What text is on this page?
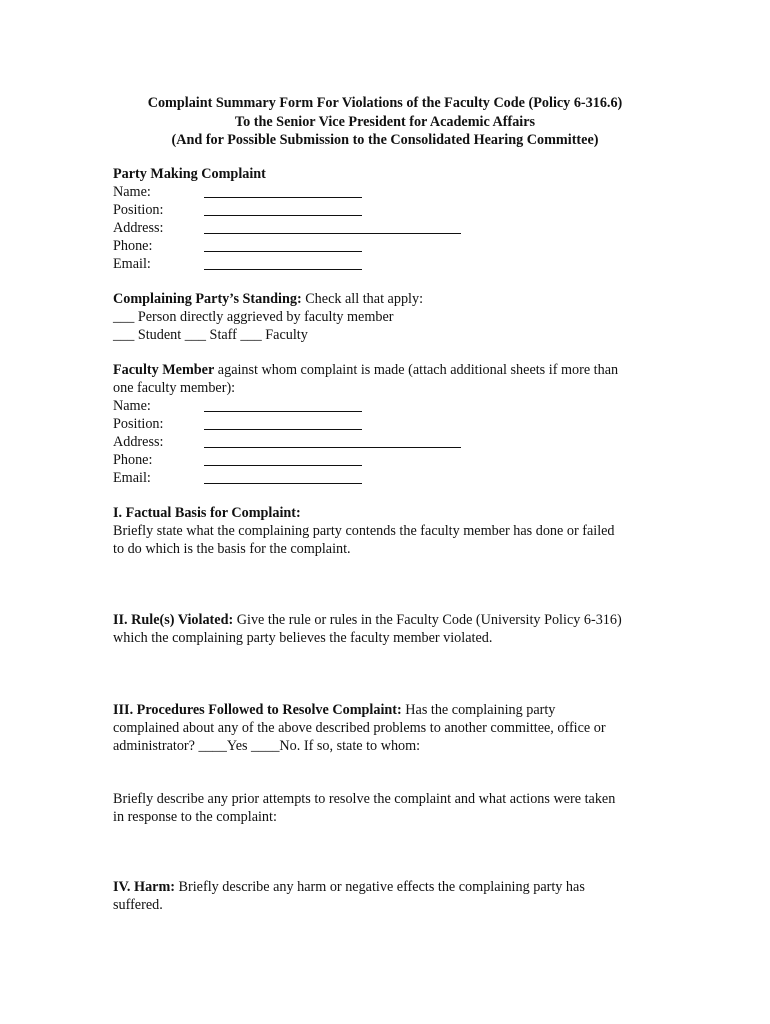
Complaint Summary Form For Violations of the Faculty Code (Policy 6-316.6)
To the Senior Vice President for Academic Affairs
(And for Possible Submission to the Consolidated Hearing Committee)
Party Making Complaint
Name:
Position:
Address:
Phone:
Email:
Complaining Party’s Standing: Check all that apply:
___ Person directly aggrieved by faculty member
___ Student ___ Staff ___ Faculty
Faculty Member against whom complaint is made (attach additional sheets if more than
one faculty member):
Name:
Position:
Address:
Phone:
Email:
I. Factual Basis for Complaint:
Briefly state what the complaining party contends the faculty member has done or failed
to do which is the basis for the complaint.
II. Rule(s) Violated: Give the rule or rules in the Faculty Code (University Policy 6-316)
which the complaining party believes the faculty member violated.
III. Procedures Followed to Resolve Complaint: Has the complaining party
complained about any of the above described problems to another committee, office or
administrator? ____Yes ____No. If so, state to whom:
Briefly describe any prior attempts to resolve the complaint and what actions were taken
in response to the complaint:
IV. Harm: Briefly describe any harm or negative effects the complaining party has
suffered.
